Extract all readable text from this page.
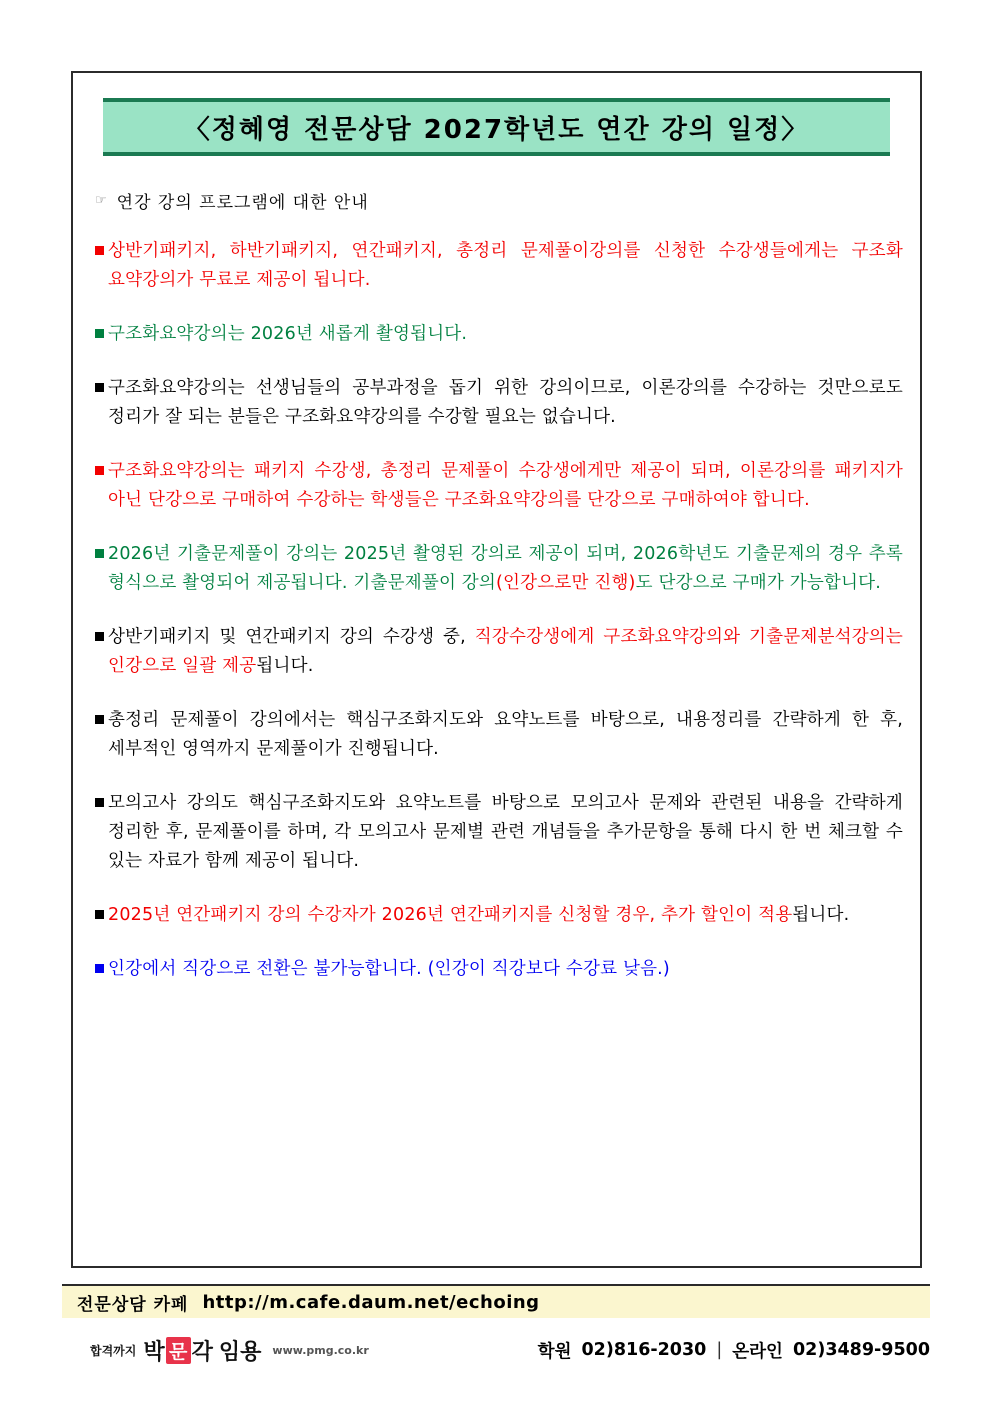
〈정혜영 전문상담 2027학년도 연간 강의 일정〉
☞ 연강 강의 프로그램에 대한 안내
상반기패키지, 하반기패키지, 연간패키지, 총정리 문제풀이강의를 신청한 수강생들에게는 구조화 요약강의가 무료로 제공이 됩니다.
구조화요약강의는 2026년 새롭게 촬영됩니다.
구조화요약강의는 선생님들의 공부과정을 돕기 위한 강의이므로, 이론강의를 수강하는 것만으로도 정리가 잘 되는 분들은 구조화요약강의를 수강할 필요는 없습니다.
구조화요약강의는 패키지 수강생, 총정리 문제풀이 수강생에게만 제공이 되며, 이론강의를 패키지가 아닌 단강으로 구매하여 수강하는 학생들은 구조화요약강의를 단강으로 구매하여야 합니다.
2026년 기출문제풀이 강의는 2025년 촬영된 강의로 제공이 되며, 2026학년도 기출문제의 경우 추록 형식으로 촬영되어 제공됩니다. 기출문제풀이 강의(인강으로만 진행)도 단강으로 구매가 가능합니다.
상반기패키지 및 연간패키지 강의 수강생 중, 직강수강생에게 구조화요약강의와 기출문제분석강의는 인강으로 일괄 제공됩니다.
총정리 문제풀이 강의에서는 핵심구조화지도와 요약노트를 바탕으로, 내용정리를 간략하게 한 후, 세부적인 영역까지 문제풀이가 진행됩니다.
모의고사 강의도 핵심구조화지도와 요약노트를 바탕으로 모의고사 문제와 관련된 내용을 간략하게 정리한 후, 문제풀이를 하며, 각 모의고사 문제별 관련 개념들을 추가문항을 통해 다시 한 번 체크할 수 있는 자료가 함께 제공이 됩니다.
2025년 연간패키지 강의 수강자가 2026년 연간패키지를 신청할 경우, 추가 할인이 적용됩니다.
인강에서 직강으로 전환은 불가능합니다. (인강이 직강보다 수강료 낮음.)
전문상담 카페 http://m.cafe.daum.net/echoing
합격까지 박 문 각 임용 www.pmg.co.kr	학원 02)816-2030 | 온라인 02)3489-9500
